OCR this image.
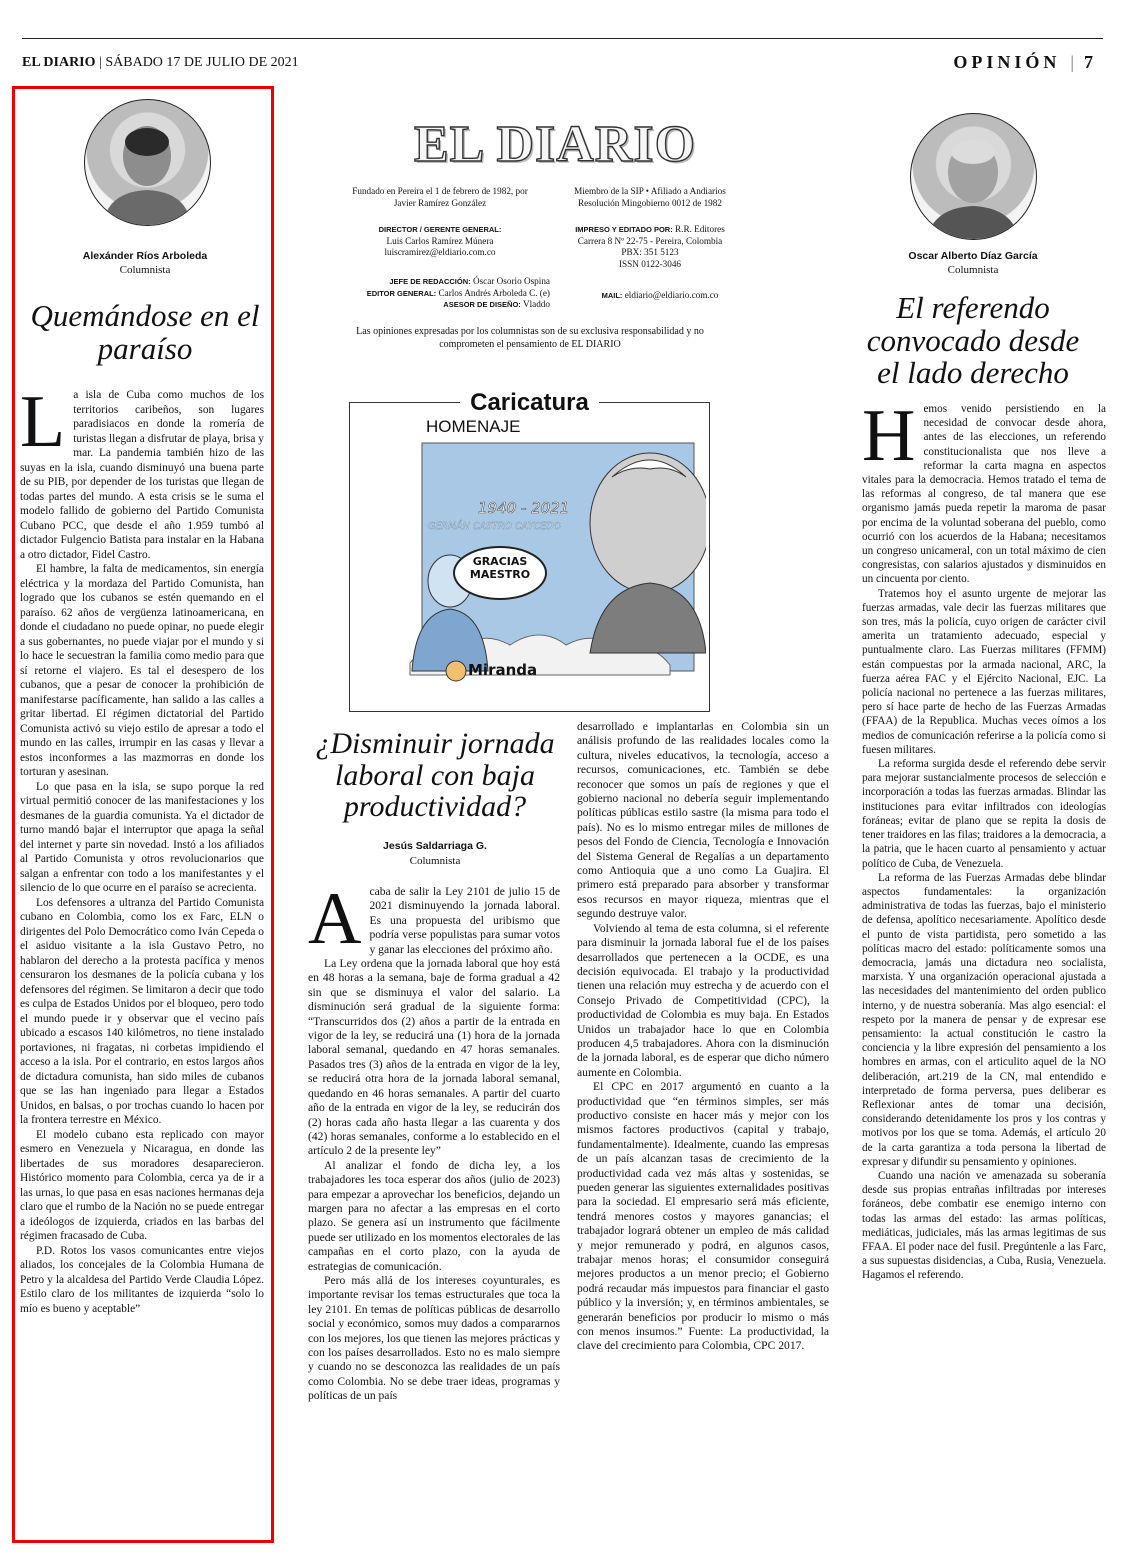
EL DIARIO | SÁBADO 17 DE JULIO DE 2021	OPINIÓN | 7
Alexánder Ríos Arboleda
Columnista
Quemándose en el paraíso

La isla de Cuba como muchos de los territorios caribeños, son lugares paradisiacos en donde la romería de turistas llegan a disfrutar de playa, brisa y mar. La pandemia también hizo de las suyas en la isla, cuando disminuyó una buena parte de su PIB, por depender de los turistas que llegan de todas partes del mundo. A esta crisis se le suma el modelo fallido de gobierno del Partido Comunista Cubano PCC, que desde el año 1.959 tumbó al dictador Fulgencio Batista para instalar en la Habana a otro dictador, Fidel Castro.

El hambre, la falta de medicamentos, sin energía eléctrica y la mordaza del Partido Comunista, han logrado que los cubanos se estén quemando en el paraíso. 62 años de vergüenza latinoamericana, en donde el ciudadano no puede opinar, no puede elegir a sus gobernantes, no puede viajar por el mundo y si lo hace le secuestran la familia como medio para que sí retorne el viajero. Es tal el desespero de los cubanos, que a pesar de conocer la prohibición de manifestarse pacíficamente, han salido a las calles a gritar libertad. El régimen dictatorial del Partido Comunista activó su viejo estilo de apresar a todo el mundo en las calles, irrumpir en las casas y llevar a estos inconformes a las mazmorras en donde los torturan y asesinan.

Lo que pasa en la isla, se supo porque la red virtual permitió conocer de las manifestaciones y los desmanes de la guardia comunista. Ya el dictador de turno mandó bajar el interruptor que apaga la señal del internet y parte sin novedad. Instó a los afiliados al Partido Comunista y otros revolucionarios que salgan a enfrentar con todo a los manifestantes y el silencio de lo que ocurre en el paraíso se acrecienta.

Los defensores a ultranza del Partido Comunista cubano en Colombia, como los ex Farc, ELN o dirigentes del Polo Democrático como Iván Cepeda o el asiduo visitante a la isla Gustavo Petro, no hablaron del derecho a la protesta pacífica y menos censuraron los desmanes de la policía cubana y los defensores del régimen. Se limitaron a decir que todo es culpa de Estados Unidos por el bloqueo, pero todo el mundo puede ir y observar que el vecino país ubicado a escasos 140 kilómetros, no tiene instalado portaviones, ni fragatas, ni corbetas impidiendo el acceso a la isla. Por el contrario, en estos largos años de dictadura comunista, han sido miles de cubanos que se las han ingeniado para llegar a Estados Unidos, en balsas, o por trochas cuando lo hacen por la frontera terrestre en México.

El modelo cubano esta replicado con mayor esmero en Venezuela y Nicaragua, en donde las libertades de sus moradores desaparecieron. Histórico momento para Colombia, cerca ya de ir a las urnas, lo que pasa en esas naciones hermanas deja claro que el rumbo de la Nación no se puede entregar a ideólogos de izquierda, criados en las barbas del régimen fracasado de Cuba.

P.D. Rotos los vasos comunicantes entre viejos aliados, los concejales de la Colombia Humana de Petro y la alcaldesa del Partido Verde Claudia López. Estilo claro de los militantes de izquierda “solo lo mío es bueno y aceptable”

EL DIARIO
Fundado en Pereira el 1 de febrero de 1982, por Javier Ramírez González
Miembro de la SIP • Afiliado a Andiarios Resolución Mingobierno 0012 de 1982
DIRECTOR / GERENTE GENERAL:
Luis Carlos Ramírez Múnera
luiscramirez@eldiario.com.co
IMPRESO Y EDITADO POR: R.R. Editores
Carrera 8 Nº 22-75 - Pereira, Colombia
PBX: 351 5123
ISSN 0122-3046
JEFE DE REDACCIÓN: Óscar Osorio Ospina
EDITOR GENERAL: Carlos Andrés Arboleda C. (e)
ASESOR DE DISEÑO: Vladdo
MAIL: eldiario@eldiario.com.co
Las opiniones expresadas por los columnistas son de su exclusiva responsabilidad y no comprometen el pensamiento de EL DIARIO
Caricatura
HOMENAJE
1940 - 2021
GERMÁN CASTRO CAYCEDO
GRACIAS
MAESTRO
Miranda
¿Disminuir jornada laboral con baja productividad?
Jesús Saldarriaga G.
Columnista

Acaba de salir la Ley 2101 de julio 15 de 2021 disminuyendo la jornada laboral. Es una propuesta del uribismo que podría verse populistas para sumar votos y ganar las elecciones del próximo año.

La Ley ordena que la jornada laboral que hoy está en 48 horas a la semana, baje de forma gradual a 42 sin que se disminuya el valor del salario. La disminución será gradual de la siguiente forma: “Transcurridos dos (2) años a partir de la entrada en vigor de la ley, se reducirá una (1) hora de la jornada laboral semanal, quedando en 47 horas semanales. Pasados tres (3) años de la entrada en vigor de la ley, se reducirá otra hora de la jornada laboral semanal, quedando en 46 horas semanales. A partir del cuarto año de la entrada en vigor de la ley, se reducirán dos (2) horas cada año hasta llegar a las cuarenta y dos (42) horas semanales, conforme a lo establecido en el artículo 2 de la presente ley”

Al analizar el fondo de dicha ley, a los trabajadores les toca esperar dos años (julio de 2023) para empezar a aprovechar los beneficios, dejando un margen para no afectar a las empresas en el corto plazo. Se genera así un instrumento que fácilmente puede ser utilizado en los momentos electorales de las campañas en el corto plazo, con la ayuda de estrategias de comunicación.

Pero más allá de los intereses coyunturales, es importante revisar los temas estructurales que toca la ley 2101. En temas de políticas públicas de desarrollo social y económico, somos muy dados a compararnos con los mejores, los que tienen las mejores prácticas y con los países desarrollados. Esto no es malo siempre y cuando no se desconozca las realidades de un país como Colombia. No se debe traer ideas, programas y políticas de un país

desarrollado e implantarlas en Colombia sin un análisis profundo de las realidades locales como la cultura, niveles educativos, la tecnología, acceso a recursos, comunicaciones, etc. También se debe reconocer que somos un país de regiones y que el gobierno nacional no debería seguir implementando políticas públicas estilo sastre (la misma para todo el país). No es lo mismo entregar miles de millones de pesos del Fondo de Ciencia, Tecnología e Innovación del Sistema General de Regalías a un departamento como Antioquia que a uno como La Guajira. El primero está preparado para absorber y transformar esos recursos en mayor riqueza, mientras que el segundo destruye valor.

Volviendo al tema de esta columna, si el referente para disminuir la jornada laboral fue el de los países desarrollados que pertenecen a la OCDE, es una decisión equivocada. El trabajo y la productividad tienen una relación muy estrecha y de acuerdo con el Consejo Privado de Competitividad (CPC), la productividad de Colombia es muy baja. En Estados Unidos un trabajador hace lo que en Colombia producen 4,5 trabajadores. Ahora con la disminución de la jornada laboral, es de esperar que dicho número aumente en Colombia.

El CPC en 2017 argumentó en cuanto a la productividad que “en términos simples, ser más productivo consiste en hacer más y mejor con los mismos factores productivos (capital y trabajo, fundamentalmente). Idealmente, cuando las empresas de un país alcanzan tasas de crecimiento de la productividad cada vez más altas y sostenidas, se pueden generar las siguientes externalidades positivas para la sociedad. El empresario será más eficiente, tendrá menores costos y mayores ganancias; el trabajador logrará obtener un empleo de más calidad y mejor remunerado y podrá, en algunos casos, trabajar menos horas; el consumidor conseguirá mejores productos a un menor precio; el Gobierno podrá recaudar más impuestos para financiar el gasto público y la inversión; y, en términos ambientales, se generarán beneficios por producir lo mismo o más con menos insumos.” Fuente: La productividad, la clave del crecimiento para Colombia, CPC 2017.

Oscar Alberto Díaz García
Columnista
El referendo convocado desde el lado derecho

Hemos venido persistiendo en la necesidad de convocar desde ahora, antes de las elecciones, un referendo constitucionalista que nos lleve a reformar la carta magna en aspectos vitales para la democracia. Hemos tratado el tema de las reformas al congreso, de tal manera que ese organismo jamás pueda repetir la maroma de pasar por encima de la voluntad soberana del pueblo, como ocurrió con los acuerdos de la Habana; necesitamos un congreso unicameral, con un total máximo de cien congresistas, con salarios ajustados y disminuidos en un cincuenta por ciento.

Tratemos hoy el asunto urgente de mejorar las fuerzas armadas, vale decir las fuerzas militares que son tres, más la policía, cuyo origen de carácter civil amerita un tratamiento adecuado, especial y puntualmente claro. Las Fuerzas militares (FFMM) están compuestas por la armada nacional, ARC, la fuerza aérea FAC y el Ejército Nacional, EJC. La policía nacional no pertenece a las fuerzas militares, pero sí hace parte de hecho de las Fuerzas Armadas (FFAA) de la Republica. Muchas veces oímos a los medios de comunicación referirse a la policía como si fuesen militares.

La reforma surgida desde el referendo debe servir para mejorar sustancialmente procesos de selección e incorporación a todas las fuerzas armadas. Blindar las instituciones para evitar infiltrados con ideologías foráneas; evitar de plano que se repita la dosis de tener traidores en las filas; traidores a la democracia, a la patria, que le hacen cuarto al pensamiento y actuar político de Cuba, de Venezuela.

La reforma de las Fuerzas Armadas debe blindar aspectos fundamentales: la organización administrativa de todas las fuerzas, bajo el ministerio de defensa, apolítico necesariamente. Apolítico desde el punto de vista partidista, pero sometido a las políticas macro del estado: políticamente somos una democracia, jamás una dictadura neo socialista, marxista. Y una organización operacional ajustada a las necesidades del mantenimiento del orden publico interno, y de nuestra soberanía. Mas algo esencial: el respeto por la manera de pensar y de expresar ese pensamiento: la actual constitución le castro la conciencia y la libre expresión del pensamiento a los hombres en armas, con el articulito aquel de la NO deliberación, art.219 de la CN, mal entendido e interpretado de forma perversa, pues deliberar es Reflexionar antes de tomar una decisión, considerando detenidamente los pros y los contras y motivos por los que se toma. Además, el artículo 20 de la carta garantiza a toda persona la libertad de expresar y difundir su pensamiento y opiniones.

Cuando una nación ve amenazada su soberanía desde sus propias entrañas infiltradas por intereses foráneos, debe combatir ese enemigo interno con todas las armas del estado: las armas políticas, mediáticas, judiciales, más las armas legitimas de sus FFAA. El poder nace del fusil. Pregúntenle a las Farc, a sus supuestas disidencias, a Cuba, Rusia, Venezuela. Hagamos el referendo.
